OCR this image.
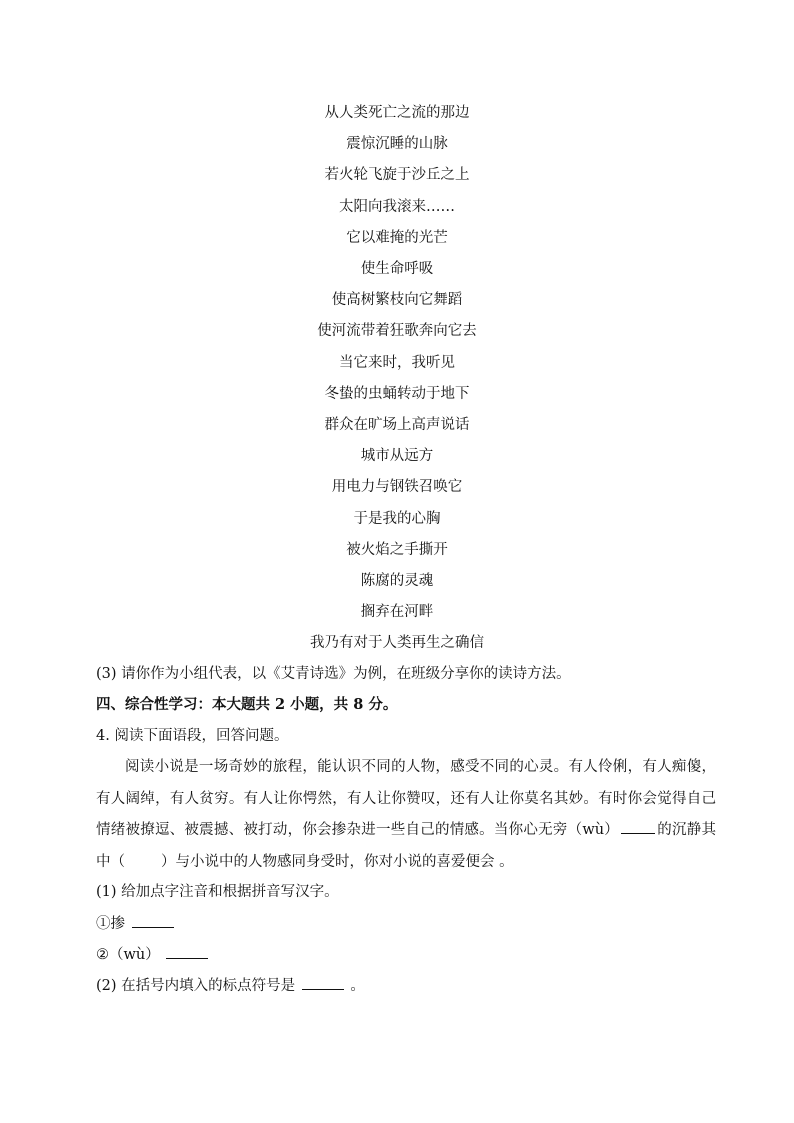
从人类死亡之流的那边
震惊沉睡的山脉
若火轮飞旋于沙丘之上
太阳向我滚来……
它以难掩的光芒
使生命呼吸
使高树繁枝向它舞蹈
使河流带着狂歌奔向它去
当它来时，我听见
冬蛰的虫蛹转动于地下
群众在旷场上高声说话
城市从远方
用电力与钢铁召唤它
于是我的心胸
被火焰之手撕开
陈腐的灵魂
搁弃在河畔
我乃有对于人类再生之确信
(3) 请你作为小组代表，以《艾青诗选》为例，在班级分享你的读诗方法。
四、综合性学习：本大题共 2 小题，共 8 分。
4. 阅读下面语段，回答问题。
阅读小说是一场奇妙的旅程，能认识不同的人物，感受不同的心灵。有人伶俐，有人痴傻，有人阔绰，有人贫穷。有人让你愕然，有人让你赞叹，还有人让你莫名其妙。有时你会觉得自己情绪被撩逗、被震撼、被打动，你会掺杂进一些自己的情感。当你心无旁（wù）	的沉静其中（ ）与小说中的人物感同身受时，你对小说的喜爱便会 。
(1) 给加点字注音和根据拼音写汉字。
①掺
②（wù）
(2) 在括号内填入的标点符号是	。
